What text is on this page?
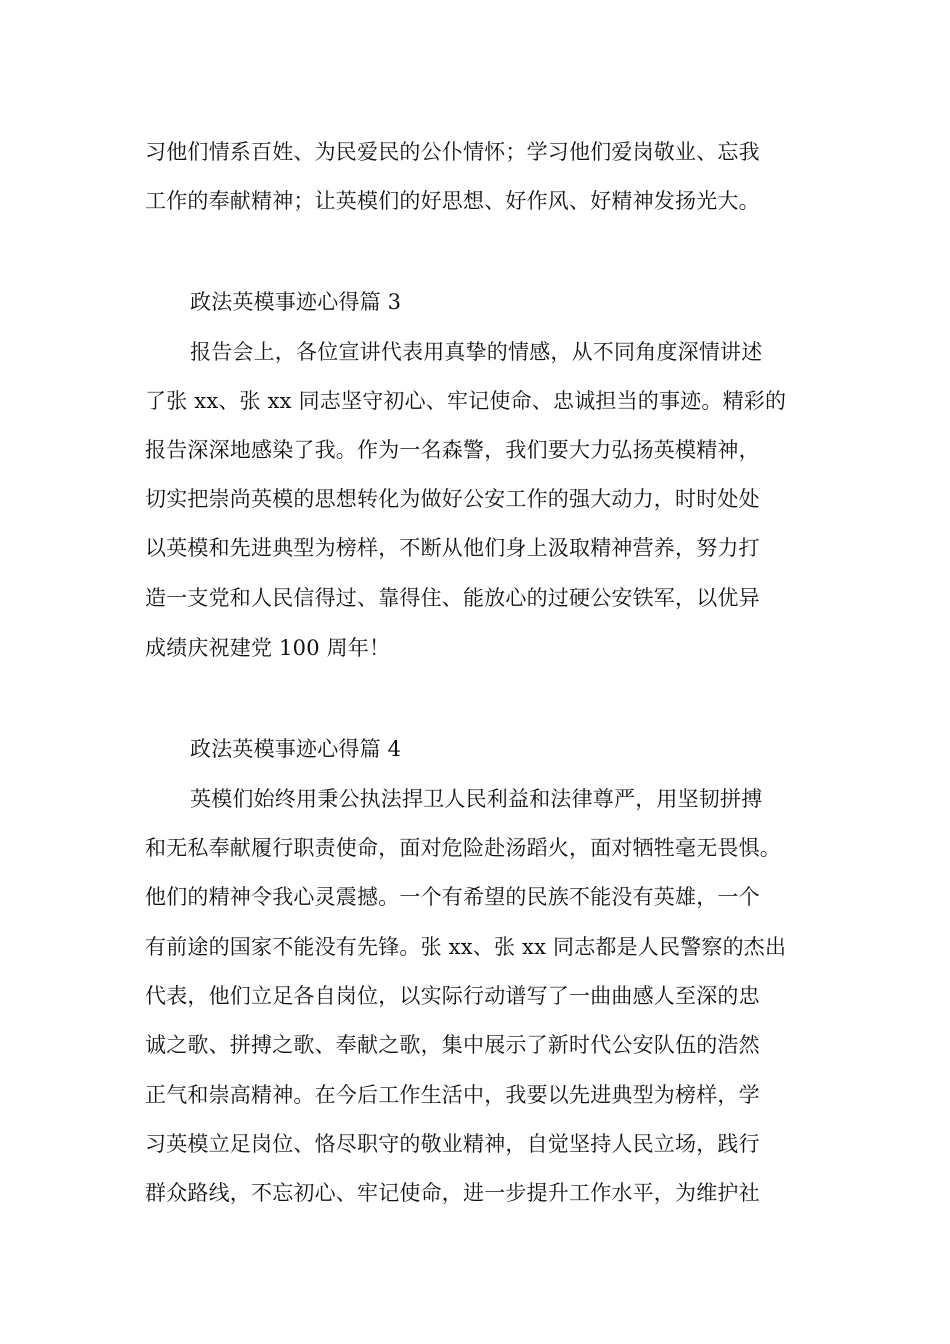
习他们情系百姓、为民爱民的公仆情怀；学习他们爱岗敬业、忘我
工作的奉献精神；让英模们的好思想、好作风、好精神发扬光大。
政法英模事迹心得篇 3
报告会上，各位宣讲代表用真挚的情感，从不同角度深情讲述
了张 xx、张 xx 同志坚守初心、牢记使命、忠诚担当的事迹。精彩的
报告深深地感染了我。作为一名森警，我们要大力弘扬英模精神，
切实把崇尚英模的思想转化为做好公安工作的强大动力，时时处处
以英模和先进典型为榜样，不断从他们身上汲取精神营养，努力打
造一支党和人民信得过、靠得住、能放心的过硬公安铁军，以优异
成绩庆祝建党 100 周年！
政法英模事迹心得篇 4
英模们始终用秉公执法捍卫人民利益和法律尊严，用坚韧拼搏
和无私奉献履行职责使命，面对危险赴汤蹈火，面对牺牲毫无畏惧。
他们的精神令我心灵震撼。一个有希望的民族不能没有英雄，一个
有前途的国家不能没有先锋。张 xx、张 xx 同志都是人民警察的杰出
代表，他们立足各自岗位，以实际行动谱写了一曲曲感人至深的忠
诚之歌、拼搏之歌、奉献之歌，集中展示了新时代公安队伍的浩然
正气和崇高精神。在今后工作生活中，我要以先进典型为榜样，学
习英模立足岗位、恪尽职守的敬业精神，自觉坚持人民立场，践行
群众路线，不忘初心、牢记使命，进一步提升工作水平，为维护社
